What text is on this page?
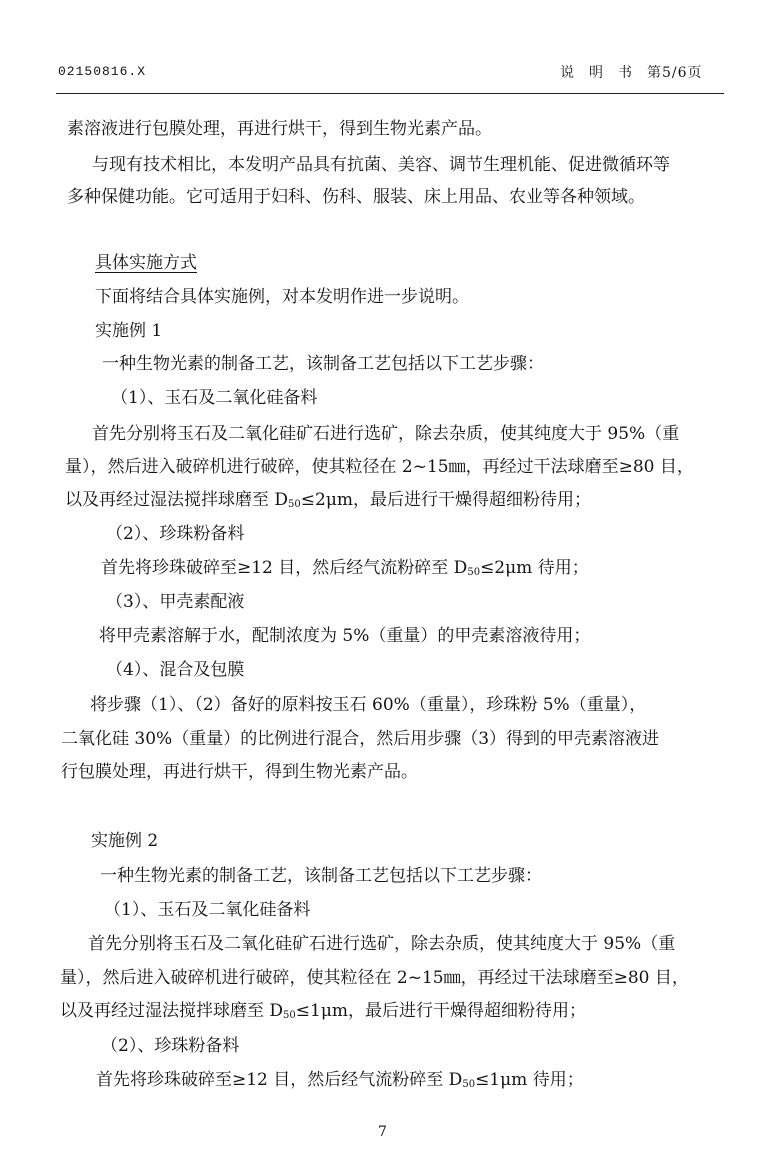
02150816.X	说 明 书 第5/6页
素溶液进行包膜处理，再进行烘干，得到生物光素产品。
与现有技术相比，本发明产品具有抗菌、美容、调节生理机能、促进微循环等
多种保健功能。它可适用于妇科、伤科、服装、床上用品、农业等各种领域。
具体实施方式
下面将结合具体实施例，对本发明作进一步说明。
实施例 1
一种生物光素的制备工艺，该制备工艺包括以下工艺步骤：
（1）、玉石及二氧化硅备料
首先分别将玉石及二氧化硅矿石进行选矿，除去杂质，使其纯度大于 95%（重
量），然后进入破碎机进行破碎，使其粒径在 2~15㎜，再经过干法球磨至≥80 目，
以及再经过湿法搅拌球磨至 $D_{50}\le 2\mu m$，最后进行干燥得超细粉待用；
（2）、珍珠粉备料
首先将珍珠破碎至≥12 目，然后经气流粉碎至 $D_{50}\le 2\mu m$ 待用；
（3）、甲壳素配液
将甲壳素溶解于水，配制浓度为 5%（重量）的甲壳素溶液待用；
（4）、混合及包膜
将步骤（1）、（2）备好的原料按玉石 60%（重量），珍珠粉 5%（重量），
二氧化硅 30%（重量）的比例进行混合，然后用步骤（3）得到的甲壳素溶液进
行包膜处理，再进行烘干，得到生物光素产品。
实施例 2
一种生物光素的制备工艺，该制备工艺包括以下工艺步骤：
（1）、玉石及二氧化硅备料
首先分别将玉石及二氧化硅矿石进行选矿，除去杂质，使其纯度大于 95%（重
量），然后进入破碎机进行破碎，使其粒径在 2~15㎜，再经过干法球磨至≥80 目，
以及再经过湿法搅拌球磨至 $D_{50}\le 1\mu m$，最后进行干燥得超细粉待用；
（2）、珍珠粉备料
首先将珍珠破碎至≥12 目，然后经气流粉碎至 $D_{50}\le 1\mu m$ 待用；
7
